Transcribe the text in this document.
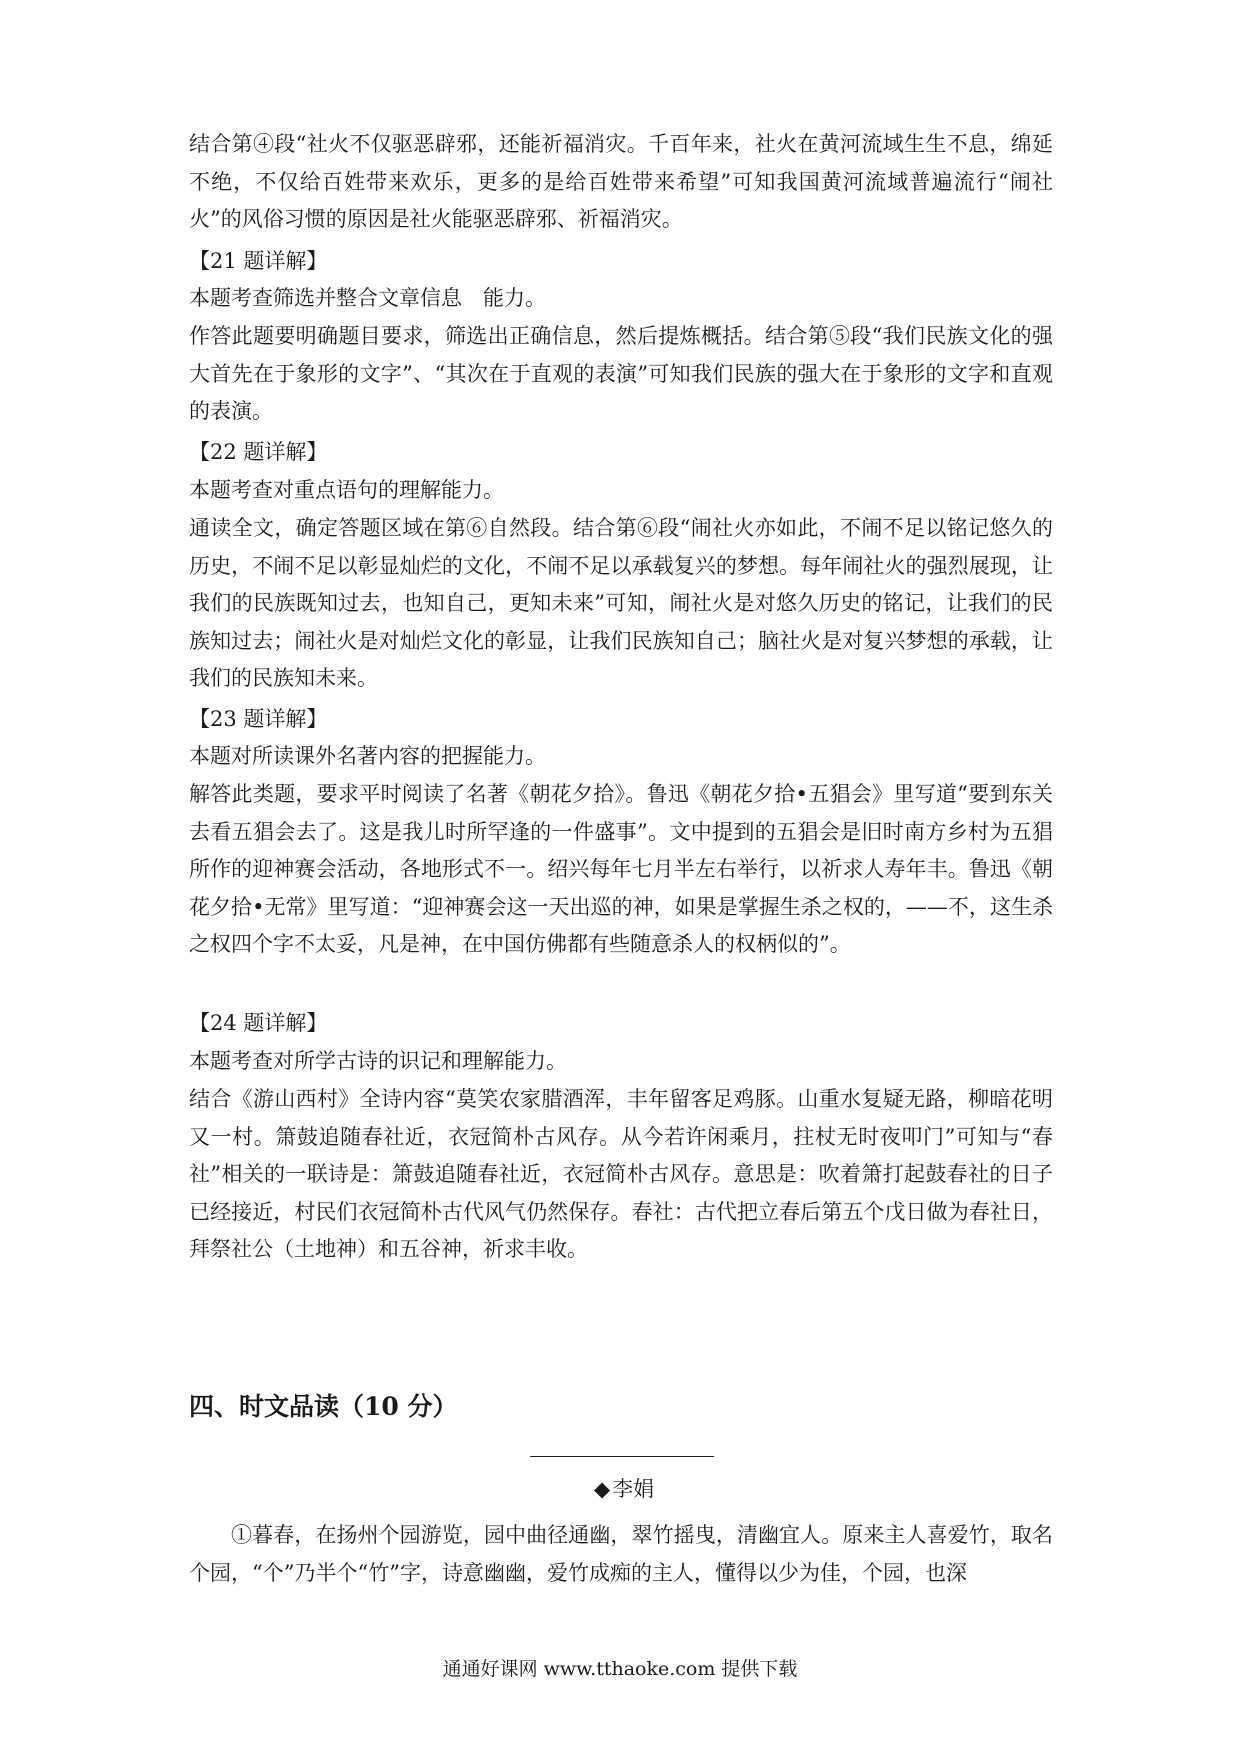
结合第④段“社火不仅驱恶辟邪，还能祈福消灾。千百年来，社火在黄河流域生生不息，绵延不绝，不仅给百姓带来欢乐，更多的是给百姓带来希望”可知我国黄河流域普遍流行“闹社火”的风俗习惯的原因是社火能驱恶辟邪、祈福消灾。
【21 题详解】
本题考查筛选并整合文章信息　能力。
作答此题要明确题目要求，筛选出正确信息，然后提炼概括。结合第⑤段“我们民族文化的强大首先在于象形的文字”、“其次在于直观的表演”可知我们民族的强大在于象形的文字和直观的表演。
【22 题详解】
本题考查对重点语句的理解能力。
通读全文，确定答题区域在第⑥自然段。结合第⑥段“闹社火亦如此，不闹不足以铭记悠久的历史，不闹不足以彰显灿烂的文化，不闹不足以承载复兴的梦想。每年闹社火的强烈展现，让我们的民族既知过去，也知自己，更知未来”可知，闹社火是对悠久历史的铭记，让我们的民族知过去；闹社火是对灿烂文化的彰显，让我们民族知自己；脑社火是对复兴梦想的承载，让我们的民族知未来。
【23 题详解】
本题对所读课外名著内容的把握能力。
解答此类题，要求平时阅读了名著《朝花夕拾》。鲁迅《朝花夕拾•五猖会》里写道“要到东关去看五猖会去了。这是我儿时所罕逢的一件盛事”。文中提到的五猖会是旧时南方乡村为五猖所作的迎神赛会活动，各地形式不一。绍兴每年七月半左右举行，以祈求人寿年丰。鲁迅《朝花夕拾•无常》里写道：“迎神赛会这一天出巡的神，如果是掌握生杀之权的，——不，这生杀之权四个字不太妥，凡是神，在中国仿佛都有些随意杀人的权柄似的”。
【24 题详解】
本题考查对所学古诗的识记和理解能力。
结合《游山西村》全诗内容“莫笑农家腊酒浑，丰年留客足鸡豚。山重水复疑无路，柳暗花明又一村。箫鼓追随春社近，衣冠简朴古风存。从今若许闲乘月，拄杖无时夜叩门”可知与“春社”相关的一联诗是：箫鼓追随春社近，衣冠简朴古风存。意思是：吹着箫打起鼓春社的日子已经接近，村民们衣冠简朴古代风气仍然保存。春社：古代把立春后第五个戊日做为春社日，拜祭社公（土地神）和五谷神，祈求丰收。
四、时文品读（10 分）
◆李娟
①暮春，在扬州个园游览，园中曲径通幽，翠竹摇曳，清幽宜人。原来主人喜爱竹，取名个园，“个”乃半个“竹”字，诗意幽幽，爱竹成痴的主人，懂得以少为佳，个园，也深
通通好课网 www.tthaoke.com 提供下载
